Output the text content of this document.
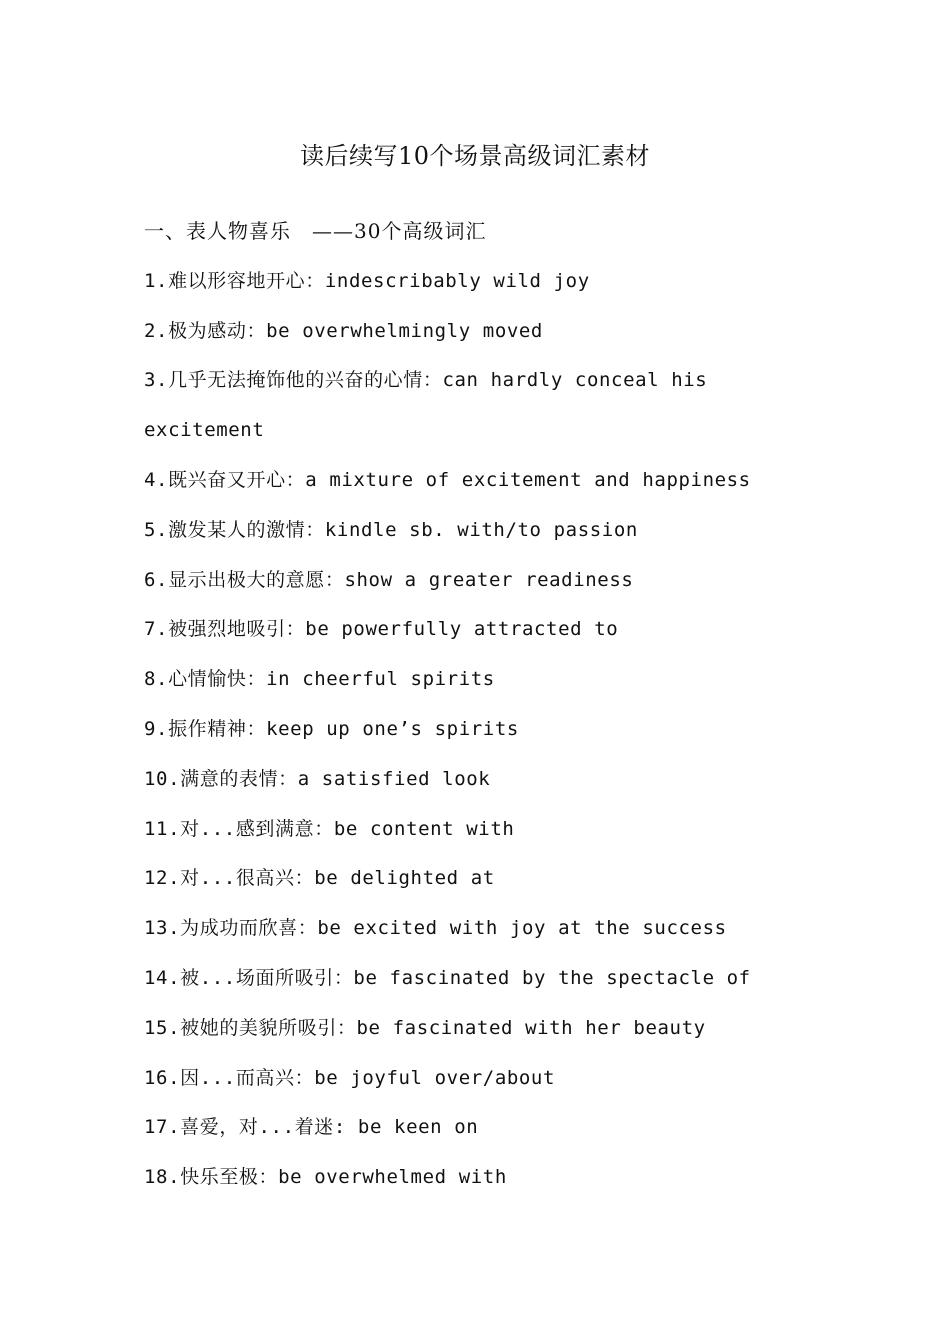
读后续写10个场景高级词汇素材
一、表人物喜乐　——30个高级词汇
1.难以形容地开心：indescribably wild joy
2.极为感动：be overwhelmingly moved
3.几乎无法掩饰他的兴奋的心情：can hardly conceal his
excitement
4.既兴奋又开心：a mixture of excitement and happiness
5.激发某人的激情：kindle sb. with/to passion
6.显示出极大的意愿：show a greater readiness
7.被强烈地吸引：be powerfully attracted to
8.心情愉快：in cheerful spirits
9.振作精神：keep up one’s spirits
10.满意的表情：a satisfied look
11.对...感到满意：be content with
12.对...很高兴：be delighted at
13.为成功而欣喜：be excited with joy at the success
14.被...场面所吸引：be fascinated by the spectacle of
15.被她的美貌所吸引：be fascinated with her beauty
16.因...而高兴：be joyful over/about
17.喜爱，对...着迷: be keen on
18.快乐至极：be overwhelmed with
